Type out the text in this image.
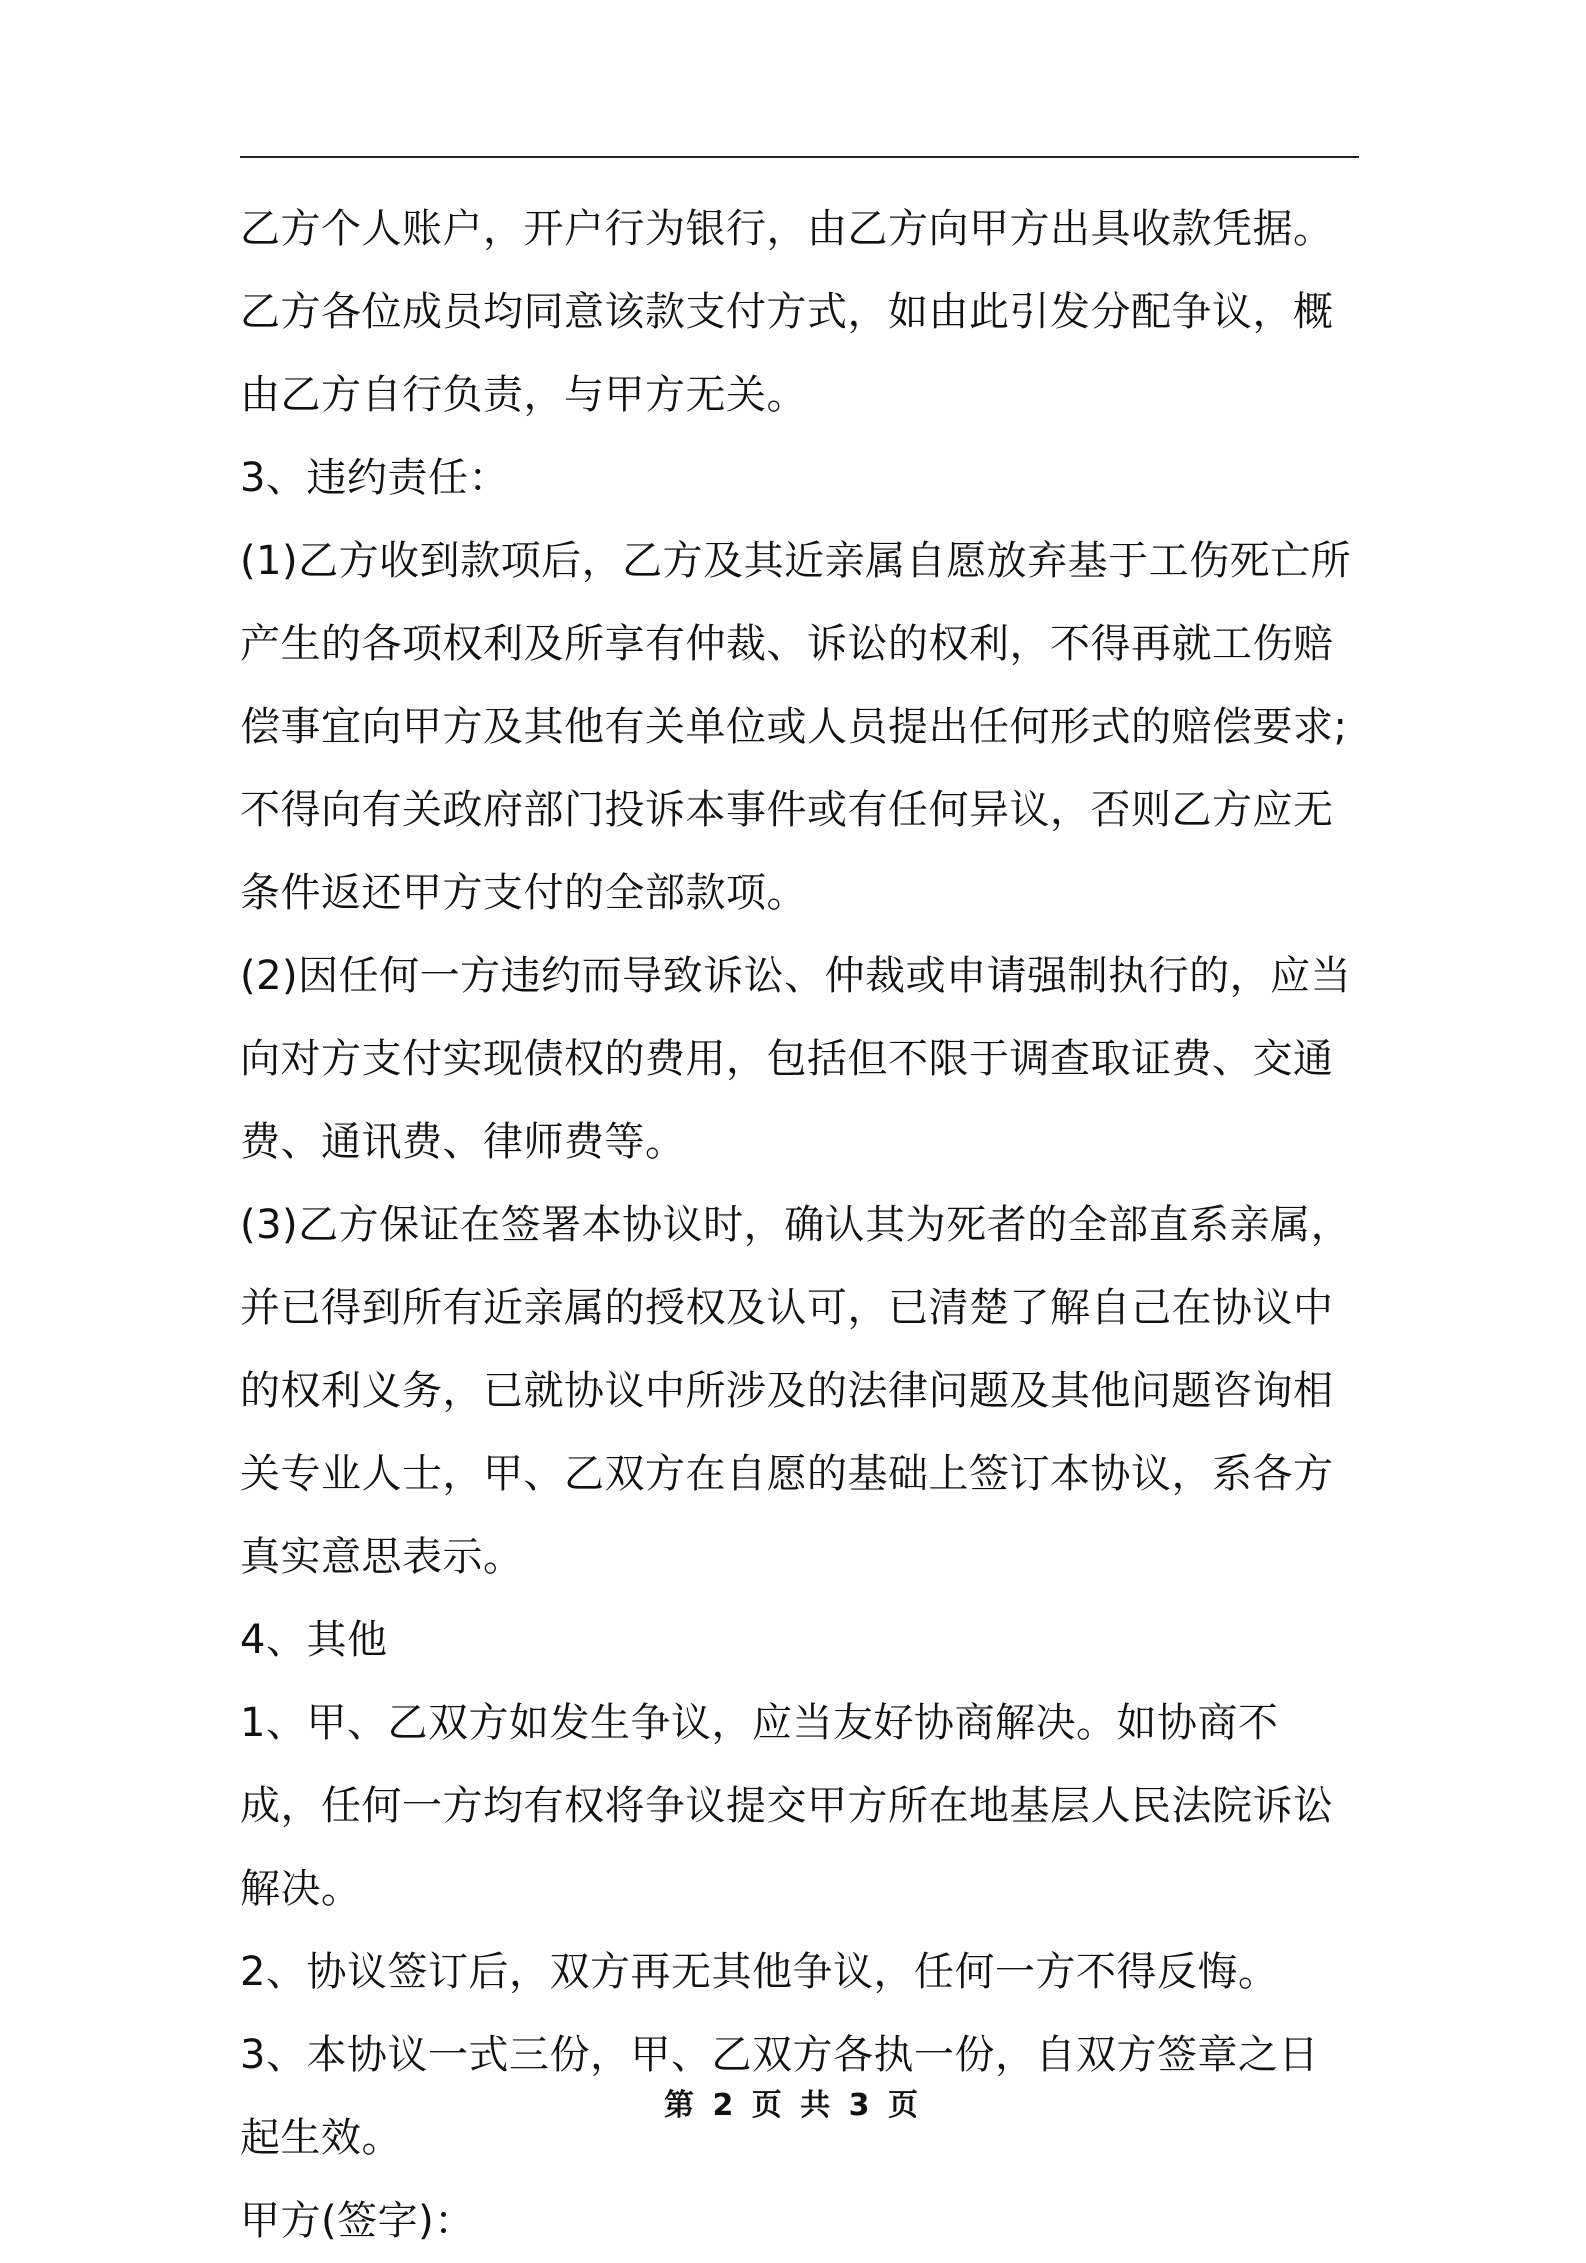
乙方个人账户，开户行为银行，由乙方向甲方出具收款凭据。乙方各位成员均同意该款支付方式，如由此引发分配争议，概由乙方自行负责，与甲方无关。

3、违约责任：

(1)乙方收到款项后，乙方及其近亲属自愿放弃基于工伤死亡所产生的各项权利及所享有仲裁、诉讼的权利，不得再就工伤赔偿事宜向甲方及其他有关单位或人员提出任何形式的赔偿要求;不得向有关政府部门投诉本事件或有任何异议，否则乙方应无条件返还甲方支付的全部款项。

(2)因任何一方违约而导致诉讼、仲裁或申请强制执行的，应当向对方支付实现债权的费用，包括但不限于调查取证费、交通费、通讯费、律师费等。

(3)乙方保证在签署本协议时，确认其为死者的全部直系亲属，并已得到所有近亲属的授权及认可，已清楚了解自己在协议中的权利义务，已就协议中所涉及的法律问题及其他问题咨询相关专业人士，甲、乙双方在自愿的基础上签订本协议，系各方真实意思表示。

4、其他

1、甲、乙双方如发生争议，应当友好协商解决。如协商不成，任何一方均有权将争议提交甲方所在地基层人民法院诉讼解决。

2、协议签订后，双方再无其他争议，任何一方不得反悔。

3、本协议一式三份，甲、乙双方各执一份，自双方签章之日起生效。

甲方(签字)：

第 2 页 共 3 页
